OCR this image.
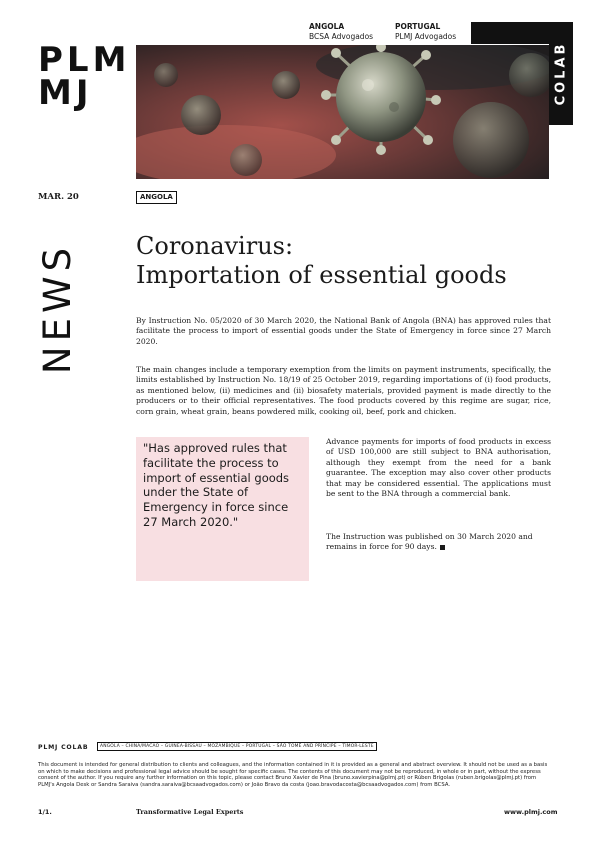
PLM
MJ
ANGOLA
BCSA Advogados
PORTUGAL
PLMJ Advogados
COLAB
MAR. 20	ANGOLA
NEWS Coronavirus:
Importation of essential goods
By Instruction No. 05/2020 of 30 March 2020, the National Bank of Angola (BNA) has approved rules that facilitate the process to import of essential goods under the State of Emergency in force since 27 March 2020.
The main changes include a temporary exemption from the limits on payment instruments, specifically, the limits established by Instruction No. 18/19 of 25 October 2019, regarding importations of (i) food products, as mentioned below, (ii) medicines and (ii) biosafety materials, provided payment is made directly to the producers or to their official representatives. The food products covered by this regime are sugar, rice, corn grain, wheat grain, beans powdered milk, cooking oil, beef, pork and chicken.
"Has approved rules that facilitate the process to import of essential goods under the State of Emergency in force since 27 March 2020."
Advance payments for imports of food products in excess of USD 100,000 are still subject to BNA authorisation, although they exempt from the need for a bank guarantee. The exception may also cover other products that may be considered essential. The applications must be sent to the BNA through a commercial bank.
The Instruction was published on 30 March 2020 and remains in force for 90 days.
PLMJ COLAB	ANGOLA – CHINA/MACAO – GUINEA-BISSAU – MOZAMBIQUE – PORTUGAL – SÃO TOMÉ AND PRÍNCIPE – TIMOR-LESTE
This document is intended for general distribution to clients and colleagues, and the information contained in it is provided as a general and abstract overview. It should not be used as a basis on which to make decisions and professional legal advice should be sought for specific cases. The contents of this document may not be reproduced, in whole or in part, without the express consent of the author. If you require any further information on this topic, please contact Bruno Xavier de Pina (bruno.xavierpina@plmj.pt) or Rúben Brigolas (ruben.brigolas@plmj.pt) from PLMJ's Angola Desk or Sandra Saraiva (sandra.saraiva@bcsaadvogados.com) or João Bravo da costa (joao.bravodacosta@bcsaadvogados.com) from BCSA.
1/1.	Transformative Legal Experts	www.plmj.com
